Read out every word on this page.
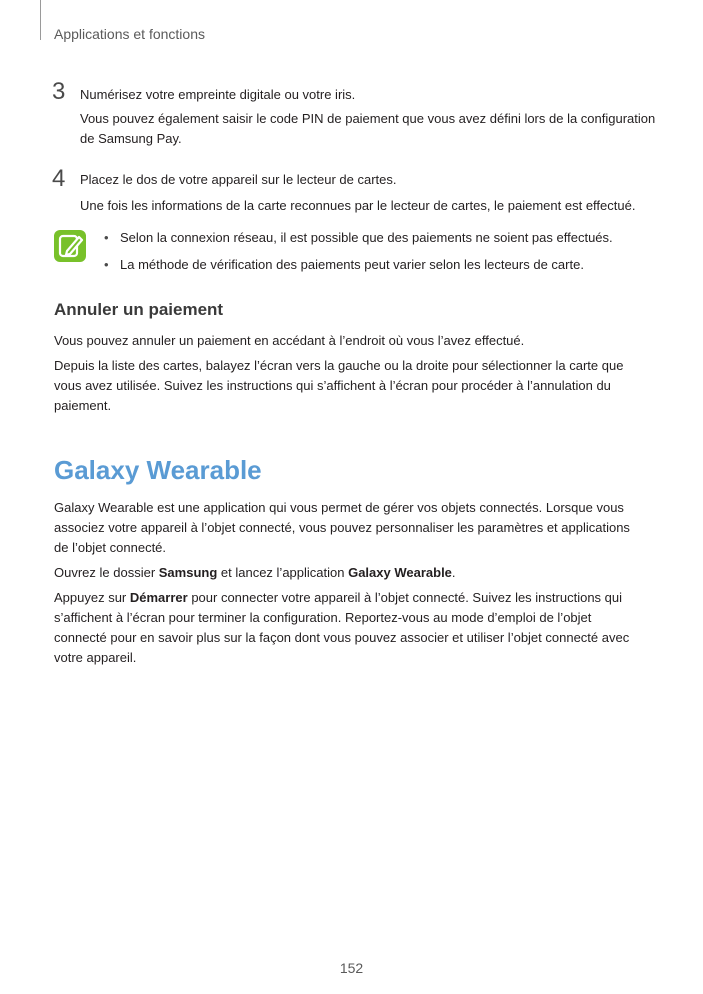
Applications et fonctions
3 Numérisez votre empreinte digitale ou votre iris.
Vous pouvez également saisir le code PIN de paiement que vous avez défini lors de la configuration de Samsung Pay.
4 Placez le dos de votre appareil sur le lecteur de cartes.
Une fois les informations de la carte reconnues par le lecteur de cartes, le paiement est effectué.
• Selon la connexion réseau, il est possible que des paiements ne soient pas effectués.
• La méthode de vérification des paiements peut varier selon les lecteurs de carte.
Annuler un paiement
Vous pouvez annuler un paiement en accédant à l’endroit où vous l’avez effectué.
Depuis la liste des cartes, balayez l’écran vers la gauche ou la droite pour sélectionner la carte que vous avez utilisée. Suivez les instructions qui s’affichent à l’écran pour procéder à l’annulation du paiement.
Galaxy Wearable
Galaxy Wearable est une application qui vous permet de gérer vos objets connectés. Lorsque vous associez votre appareil à l’objet connecté, vous pouvez personnaliser les paramètres et applications de l’objet connecté.
Ouvrez le dossier Samsung et lancez l’application Galaxy Wearable.
Appuyez sur Démarrer pour connecter votre appareil à l’objet connecté. Suivez les instructions qui s’affichent à l’écran pour terminer la configuration. Reportez-vous au mode d’emploi de l’objet connecté pour en savoir plus sur la façon dont vous pouvez associer et utiliser l’objet connecté avec votre appareil.
152
